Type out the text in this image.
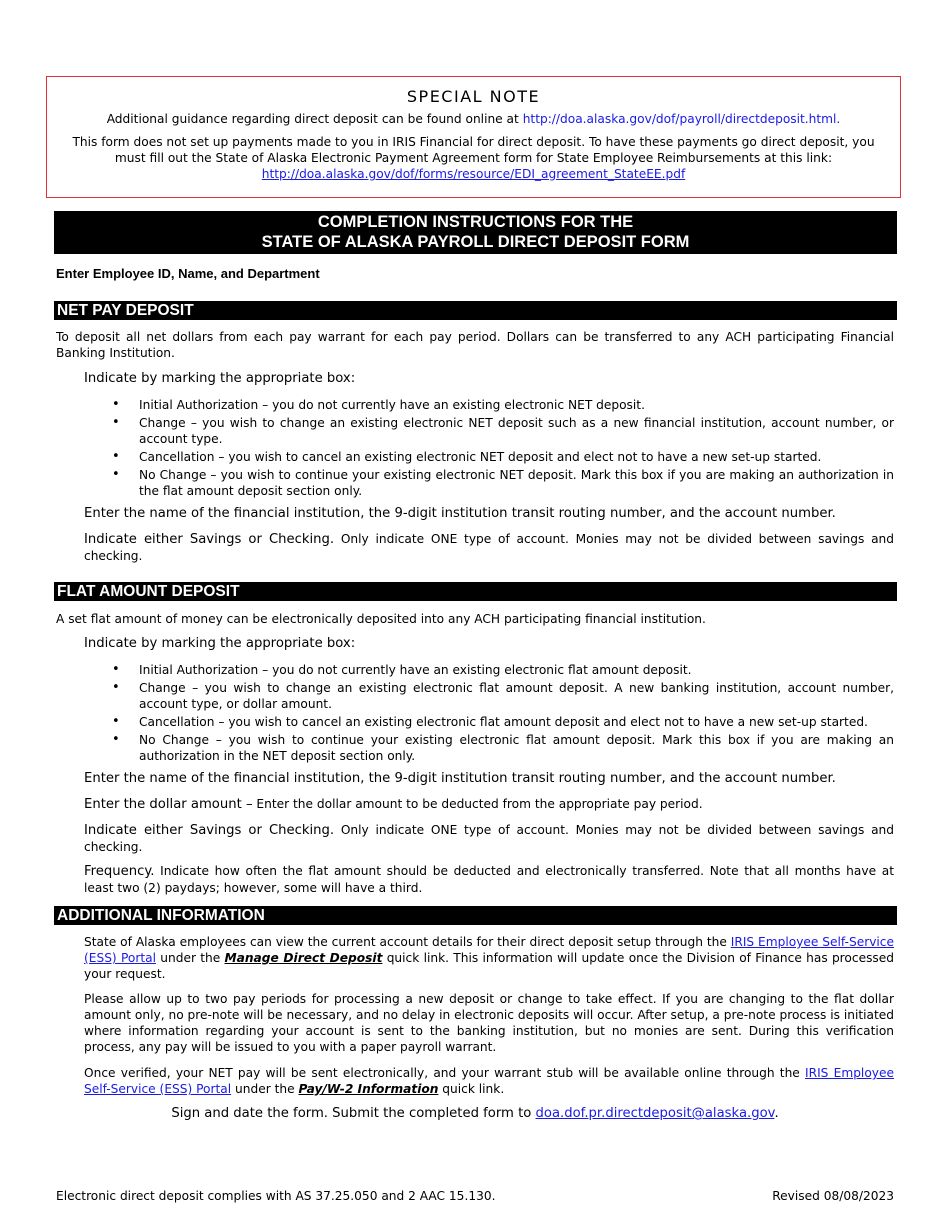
SPECIAL NOTE
Additional guidance regarding direct deposit can be found online at http://doa.alaska.gov/dof/payroll/directdeposit.html.
This form does not set up payments made to you in IRIS Financial for direct deposit. To have these payments go direct deposit, you must fill out the State of Alaska Electronic Payment Agreement form for State Employee Reimbursements at this link:
http://doa.alaska.gov/dof/forms/resource/EDI_agreement_StateEE.pdf
COMPLETION INSTRUCTIONS FOR THE
STATE OF ALASKA PAYROLL DIRECT DEPOSIT FORM
Enter Employee ID, Name, and Department
NET PAY DEPOSIT
To deposit all net dollars from each pay warrant for each pay period. Dollars can be transferred to any ACH participating Financial Banking Institution.
Indicate by marking the appropriate box:
• Initial Authorization – you do not currently have an existing electronic NET deposit.
• Change – you wish to change an existing electronic NET deposit such as a new financial institution, account number, or account type.
• Cancellation – you wish to cancel an existing electronic NET deposit and elect not to have a new set-up started.
• No Change – you wish to continue your existing electronic NET deposit. Mark this box if you are making an authorization in the flat amount deposit section only.
Enter the name of the financial institution, the 9-digit institution transit routing number, and the account number.
Indicate either Savings or Checking. Only indicate ONE type of account. Monies may not be divided between savings and checking.
FLAT AMOUNT DEPOSIT
A set flat amount of money can be electronically deposited into any ACH participating financial institution.
Indicate by marking the appropriate box:
• Initial Authorization – you do not currently have an existing electronic flat amount deposit.
• Change – you wish to change an existing electronic flat amount deposit. A new banking institution, account number, account type, or dollar amount.
• Cancellation – you wish to cancel an existing electronic flat amount deposit and elect not to have a new set-up started.
• No Change – you wish to continue your existing electronic flat amount deposit. Mark this box if you are making an authorization in the NET deposit section only.
Enter the name of the financial institution, the 9-digit institution transit routing number, and the account number.
Enter the dollar amount – Enter the dollar amount to be deducted from the appropriate pay period.
Indicate either Savings or Checking. Only indicate ONE type of account. Monies may not be divided between savings and checking.
Frequency. Indicate how often the flat amount should be deducted and electronically transferred. Note that all months have at least two (2) paydays; however, some will have a third.
ADDITIONAL INFORMATION
State of Alaska employees can view the current account details for their direct deposit setup through the IRIS Employee Self-Service (ESS) Portal under the Manage Direct Deposit quick link. This information will update once the Division of Finance has processed your request.
Please allow up to two pay periods for processing a new deposit or change to take effect. If you are changing to the flat dollar amount only, no pre-note will be necessary, and no delay in electronic deposits will occur. After setup, a pre-note process is initiated where information regarding your account is sent to the banking institution, but no monies are sent. During this verification process, any pay will be issued to you with a paper payroll warrant.
Once verified, your NET pay will be sent electronically, and your warrant stub will be available online through the IRIS Employee Self-Service (ESS) Portal under the Pay/W-2 Information quick link.
Sign and date the form. Submit the completed form to doa.dof.pr.directdeposit@alaska.gov.
Electronic direct deposit complies with AS 37.25.050 and 2 AAC 15.130.	Revised 08/08/2023
